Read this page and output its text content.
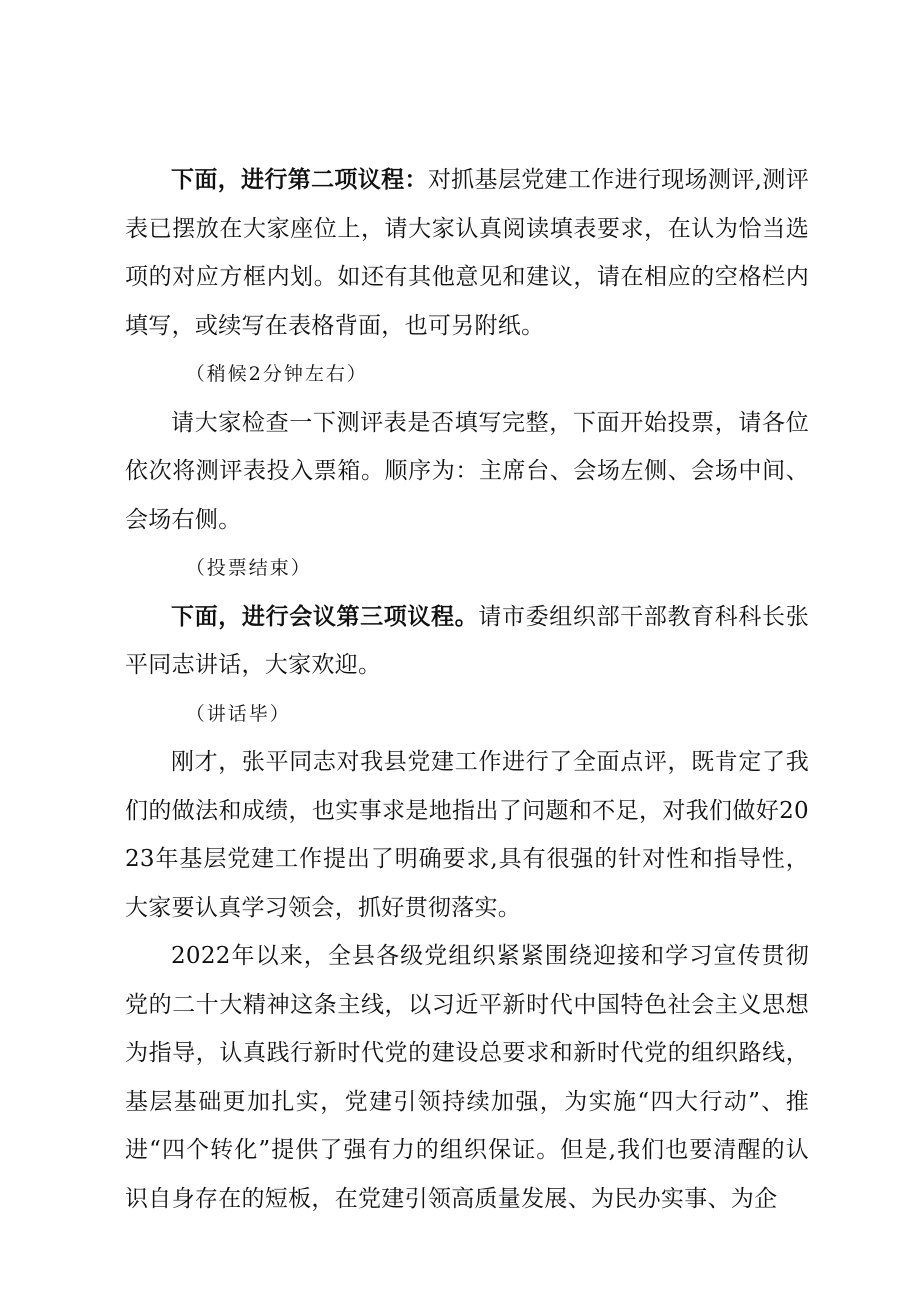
下面，进行第二项议程：对抓基层党建工作进行现场测评,测评表已摆放在大家座位上，请大家认真阅读填表要求，在认为恰当选项的对应方框内划。如还有其他意见和建议，请在相应的空格栏内填写，或续写在表格背面，也可另附纸。

（稍候2分钟左右）

请大家检查一下测评表是否填写完整，下面开始投票，请各位依次将测评表投入票箱。顺序为：主席台、会场左侧、会场中间、会场右侧。

（投票结束）

下面，进行会议第三项议程。请市委组织部干部教育科科长张平同志讲话，大家欢迎。

（讲话毕）

刚才，张平同志对我县党建工作进行了全面点评，既肯定了我们的做法和成绩，也实事求是地指出了问题和不足，对我们做好2023年基层党建工作提出了明确要求,具有很强的针对性和指导性，大家要认真学习领会，抓好贯彻落实。

2022年以来，全县各级党组织紧紧围绕迎接和学习宣传贯彻党的二十大精神这条主线，以习近平新时代中国特色社会主义思想为指导，认真践行新时代党的建设总要求和新时代党的组织路线，基层基础更加扎实，党建引领持续加强，为实施“四大行动”、推进“四个转化”提供了强有力的组织保证。但是,我们也要清醒的认识自身存在的短板，在党建引领高质量发展、为民办实事、为企
